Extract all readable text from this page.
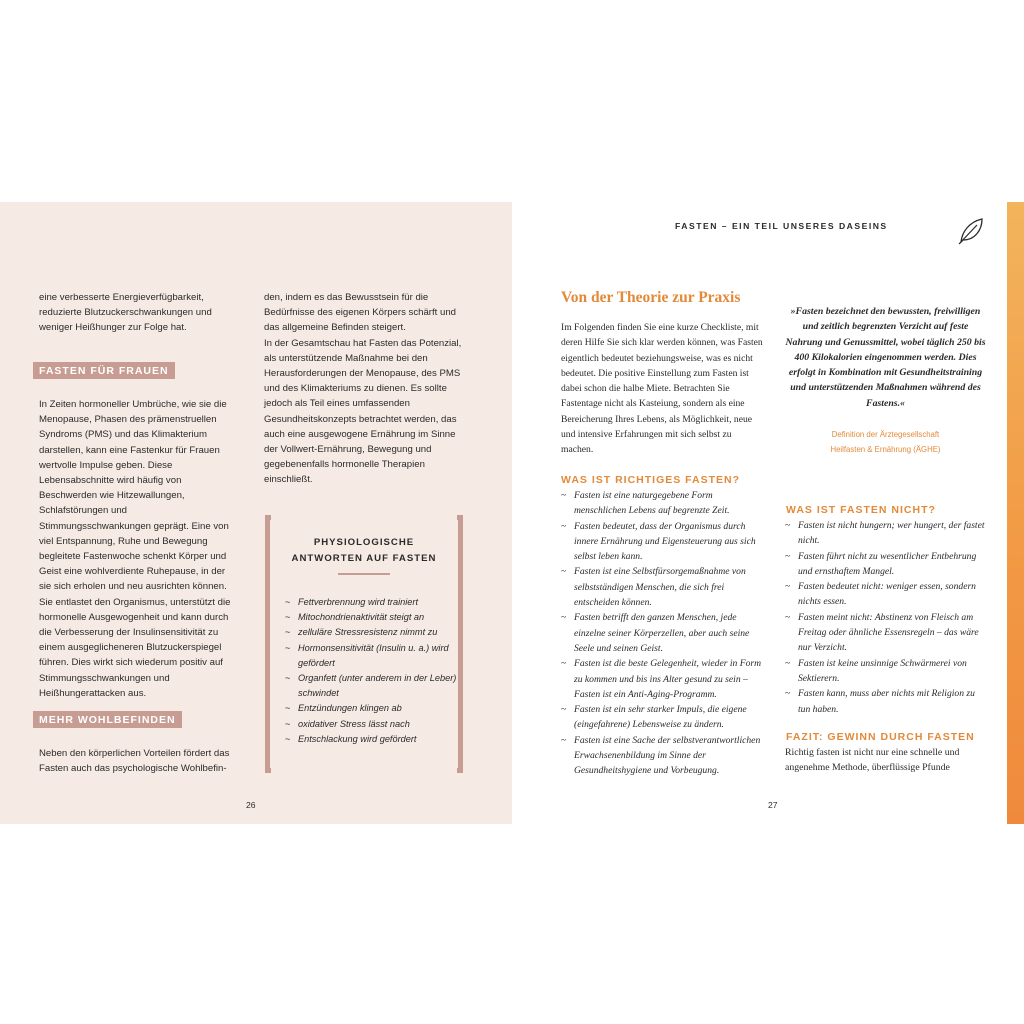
eine verbesserte Energieverfügbarkeit, reduzierte Blutzuckerschwankungen und weniger Heißhunger zur Folge hat.

FASTEN FÜR FRAUEN

In Zeiten hormoneller Umbrüche, wie sie die Menopause, Phasen des prämenstruellen Syndroms (PMS) und das Klimakterium darstellen, kann eine Fastenkur für Frauen wertvolle Impulse geben. Diese Lebensabschnitte wird häufig von Beschwerden wie Hitzewallungen, Schlafstörungen und Stimmungsschwankungen geprägt. Eine von viel Entspannung, Ruhe und Bewegung begleitete Fastenwoche schenkt Körper und Geist eine wohlverdiente Ruhepause, in der sie sich erholen und neu ausrichten können. Sie entlastet den Organismus, unterstützt die hormonelle Ausgewogenheit und kann durch die Verbesserung der Insulinsensitivität zu einem ausgeglicheneren Blutzuckerspiegel führen. Dies wirkt sich wiederum positiv auf Stimmungsschwankungen und Heißhungerattacken aus.

MEHR WOHLBEFINDEN

Neben den körperlichen Vorteilen fördert das Fasten auch das psychologische Wohlbefin-

den, indem es das Bewusstsein für die Bedürfnisse des eigenen Körpers schärft und das allgemeine Befinden steigert.

In der Gesamtschau hat Fasten das Potenzial, als unterstützende Maßnahme bei den Herausforderungen der Menopause, des PMS und des Klimakteriums zu dienen. Es sollte jedoch als Teil eines umfassenden Gesundheitskonzepts betrachtet werden, das auch eine ausgewogene Ernährung im Sinne der Vollwert-Ernährung, Bewegung und gegebenenfalls hormonelle Therapien einschließt.

PHYSIOLOGISCHE
ANTWORTEN AUF FASTEN
~ Fettverbrennung wird trainiert
~ Mitochondrienaktivität steigt an
~ zelluläre Stressresistenz nimmt zu
~ Hormonsensitivität (Insulin u. a.) wird gefördert
~ Organfett (unter anderem in der Leber) schwindet
~ Entzündungen klingen ab
~ oxidativer Stress lässt nach
~ Entschlackung wird gefördert
26
FASTEN – EIN TEIL UNSERES DASEINS
Von der Theorie zur Praxis
Im Folgenden finden Sie eine kurze Checkliste, mit deren Hilfe Sie sich klar werden können, was Fasten eigentlich bedeutet beziehungsweise, was es nicht bedeutet. Die positive Einstellung zum Fasten ist dabei schon die halbe Miete. Betrachten Sie Fastentage nicht als Kasteiung, sondern als eine Bereicherung Ihres Lebens, als Möglichkeit, neue und intensive Erfahrungen mit sich selbst zu machen.
WAS IST RICHTIGES FASTEN?
~ Fasten ist eine naturgegebene Form menschlichen Lebens auf begrenzte Zeit.
~ Fasten bedeutet, dass der Organismus durch innere Ernährung und Eigensteuerung aus sich selbst leben kann.
~ Fasten ist eine Selbstfürsorgemaßnahme von selbstständigen Menschen, die sich frei entscheiden können.
~ Fasten betrifft den ganzen Menschen, jede einzelne seiner Körperzellen, aber auch seine Seele und seinen Geist.
~ Fasten ist die beste Gelegenheit, wieder in Form zu kommen und bis ins Alter gesund zu sein – Fasten ist ein Anti-Aging-Programm.
~ Fasten ist ein sehr starker Impuls, die eigene (eingefahrene) Lebensweise zu ändern.
~ Fasten ist eine Sache der selbstverantwortlichen Erwachsenenbildung im Sinne der Gesundheitshygiene und Vorbeugung.
»Fasten bezeichnet den bewussten, freiwilligen und zeitlich begrenzten Verzicht auf feste Nahrung und Genussmittel, wobei täglich 250 bis 400 Kilokalorien eingenommen werden. Dies erfolgt in Kombination mit Gesundheitstraining und unterstützenden Maßnahmen während des Fastens.«
Definition der Ärztegesellschaft
Heilfasten & Ernährung (ÄGHE)
WAS IST FASTEN NICHT?
~ Fasten ist nicht hungern; wer hungert, der fastet nicht.
~ Fasten führt nicht zu wesentlicher Entbehrung und ernsthaftem Mangel.
~ Fasten bedeutet nicht: weniger essen, sondern nichts essen.
~ Fasten meint nicht: Abstinenz von Fleisch am Freitag oder ähnliche Essensregeln – das wäre nur Verzicht.
~ Fasten ist keine unsinnige Schwärmerei von Sektierern.
~ Fasten kann, muss aber nichts mit Religion zu tun haben.
FAZIT: GEWINN DURCH FASTEN
Richtig fasten ist nicht nur eine schnelle und angenehme Methode, überflüssige Pfunde
27
